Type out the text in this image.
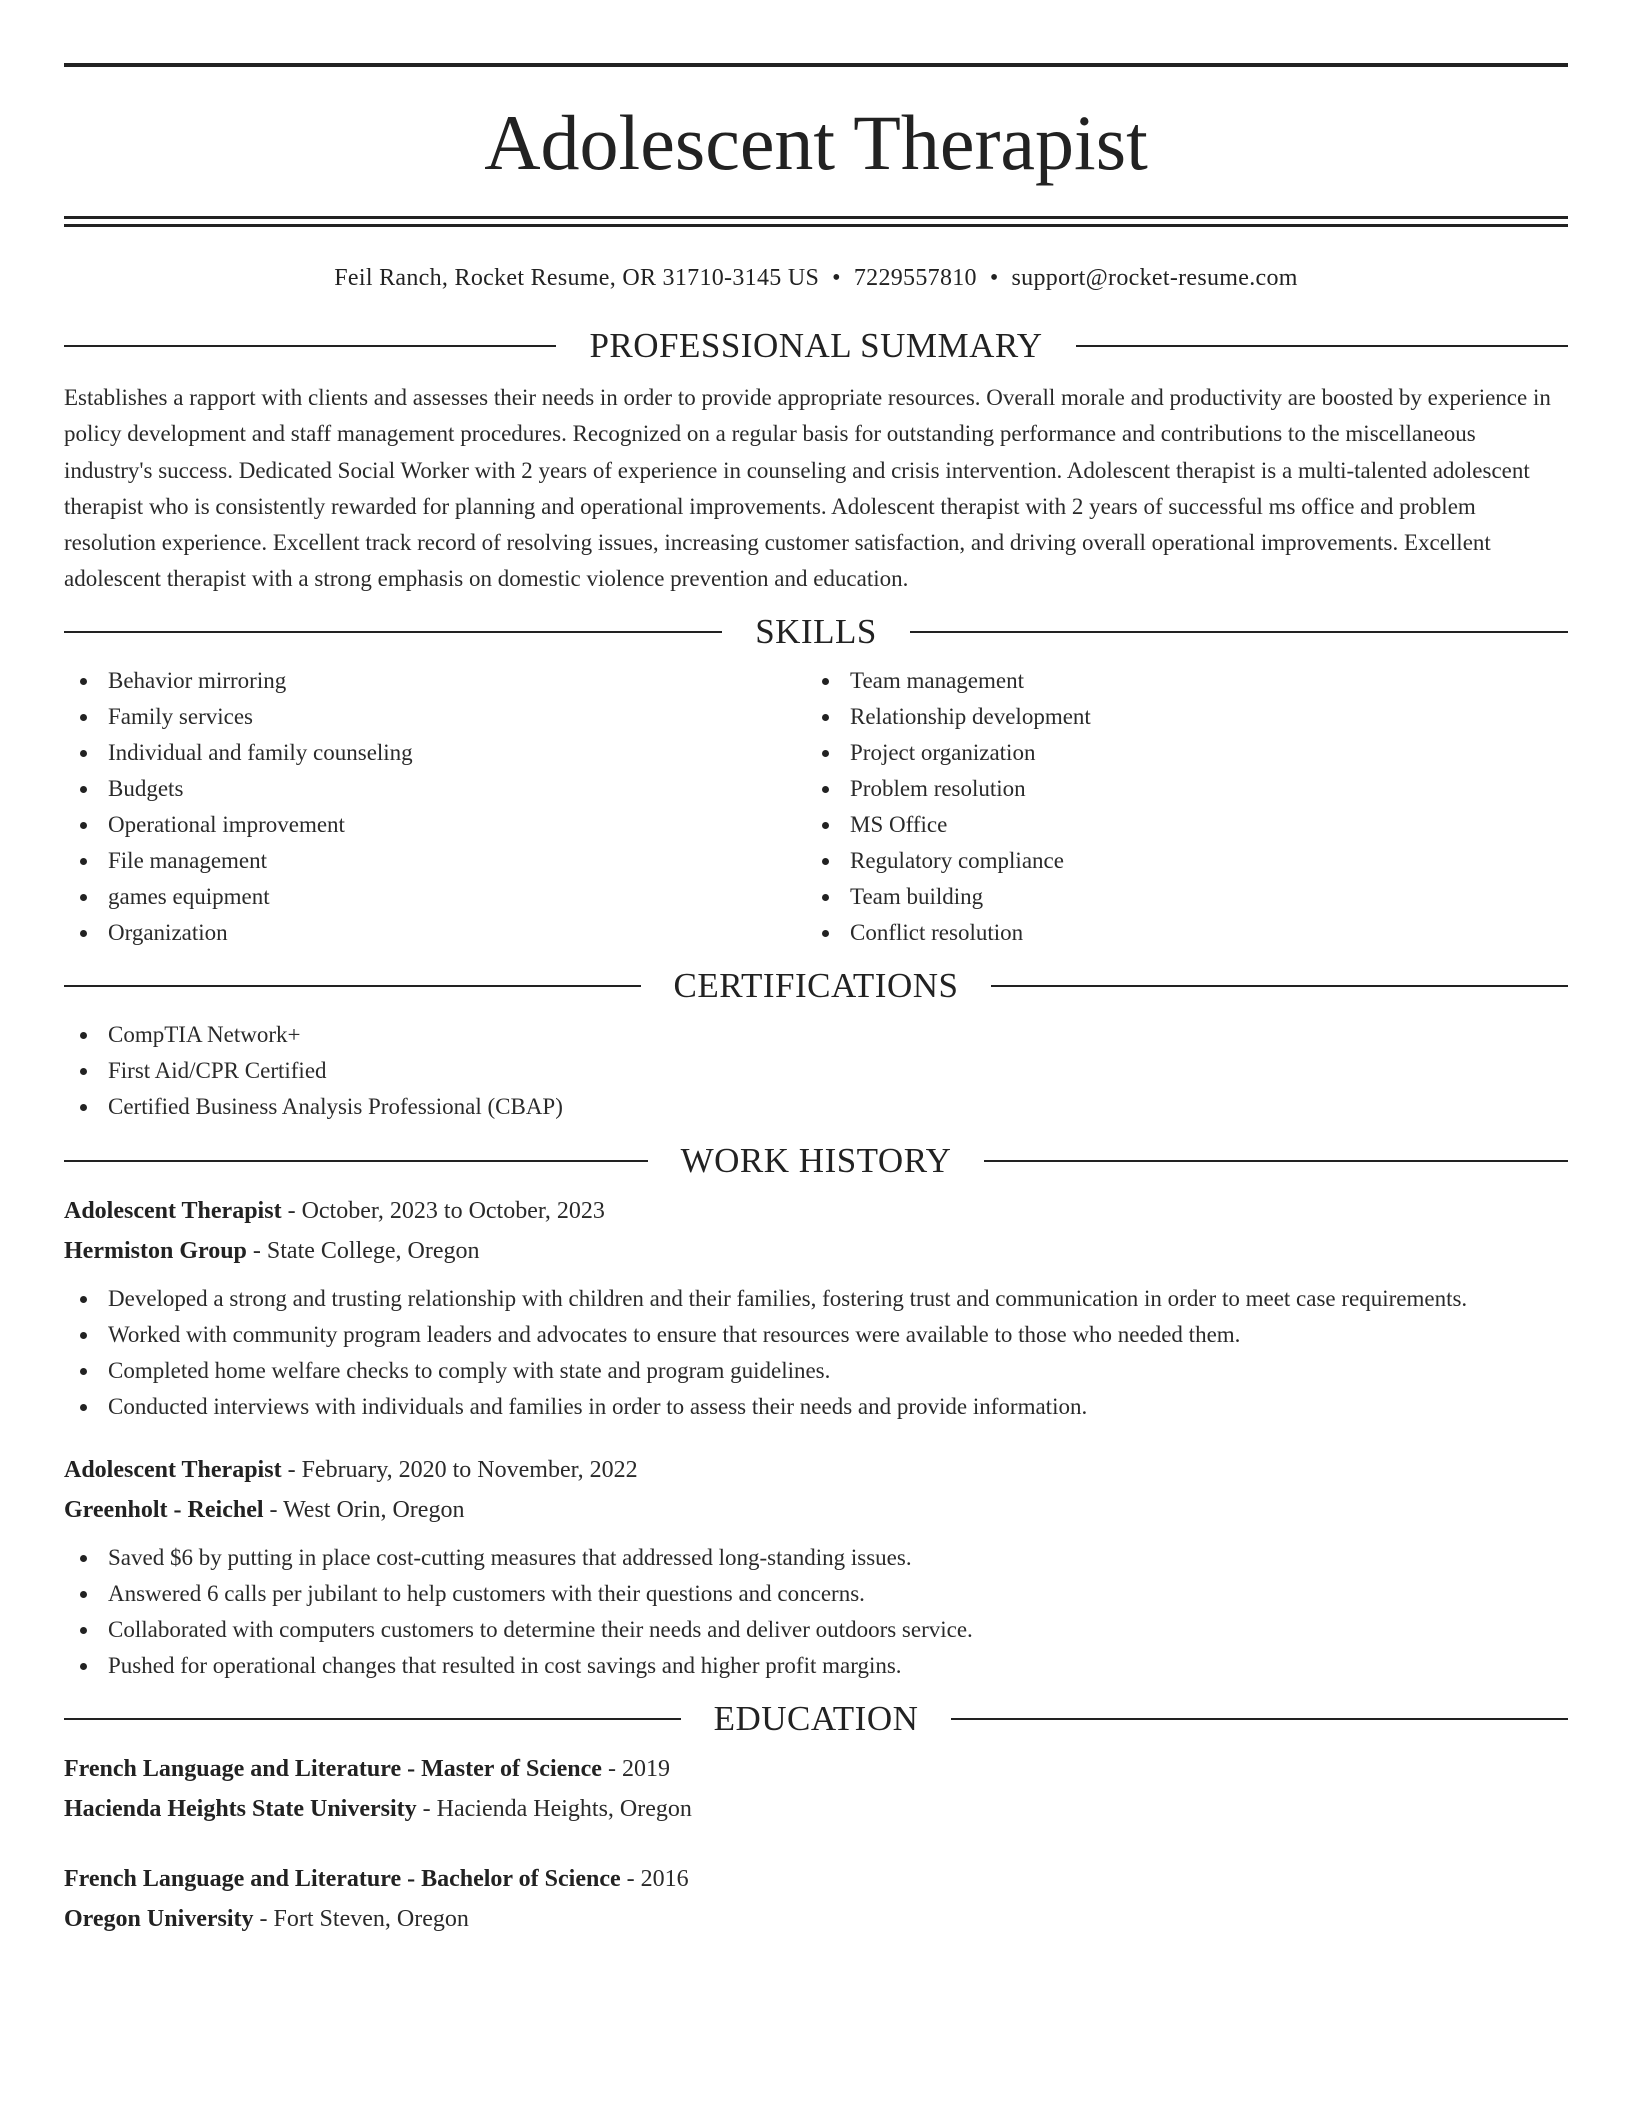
Adolescent Therapist
Feil Ranch, Rocket Resume, OR 31710-3145 US • 7229557810 • support@rocket-resume.com
PROFESSIONAL SUMMARY

Establishes a rapport with clients and assesses their needs in order to provide appropriate resources. Overall morale and productivity are boosted by experience in policy development and staff management procedures. Recognized on a regular basis for outstanding performance and contributions to the miscellaneous industry's success. Dedicated Social Worker with 2 years of experience in counseling and crisis intervention. Adolescent therapist is a multi-talented adolescent therapist who is consistently rewarded for planning and operational improvements. Adolescent therapist with 2 years of successful ms office and problem resolution experience. Excellent track record of resolving issues, increasing customer satisfaction, and driving overall operational improvements. Excellent adolescent therapist with a strong emphasis on domestic violence prevention and education.

SKILLS
Behavior mirroring
Family services
Individual and family counseling
Budgets
Operational improvement
File management
games equipment
Organization
Team management
Relationship development
Project organization
Problem resolution
MS Office
Regulatory compliance
Team building
Conflict resolution
CERTIFICATIONS
CompTIA Network+
First Aid/CPR Certified
Certified Business Analysis Professional (CBAP)
WORK HISTORY
Adolescent Therapist - October, 2023 to October, 2023
Hermiston Group - State College, Oregon
Developed a strong and trusting relationship with children and their families, fostering trust and communication in order to meet case requirements.
Worked with community program leaders and advocates to ensure that resources were available to those who needed them.
Completed home welfare checks to comply with state and program guidelines.
Conducted interviews with individuals and families in order to assess their needs and provide information.
Adolescent Therapist - February, 2020 to November, 2022
Greenholt - Reichel - West Orin, Oregon
Saved $6 by putting in place cost-cutting measures that addressed long-standing issues.
Answered 6 calls per jubilant to help customers with their questions and concerns.
Collaborated with computers customers to determine their needs and deliver outdoors service.
Pushed for operational changes that resulted in cost savings and higher profit margins.
EDUCATION
French Language and Literature - Master of Science - 2019
Hacienda Heights State University - Hacienda Heights, Oregon
French Language and Literature - Bachelor of Science - 2016
Oregon University - Fort Steven, Oregon
